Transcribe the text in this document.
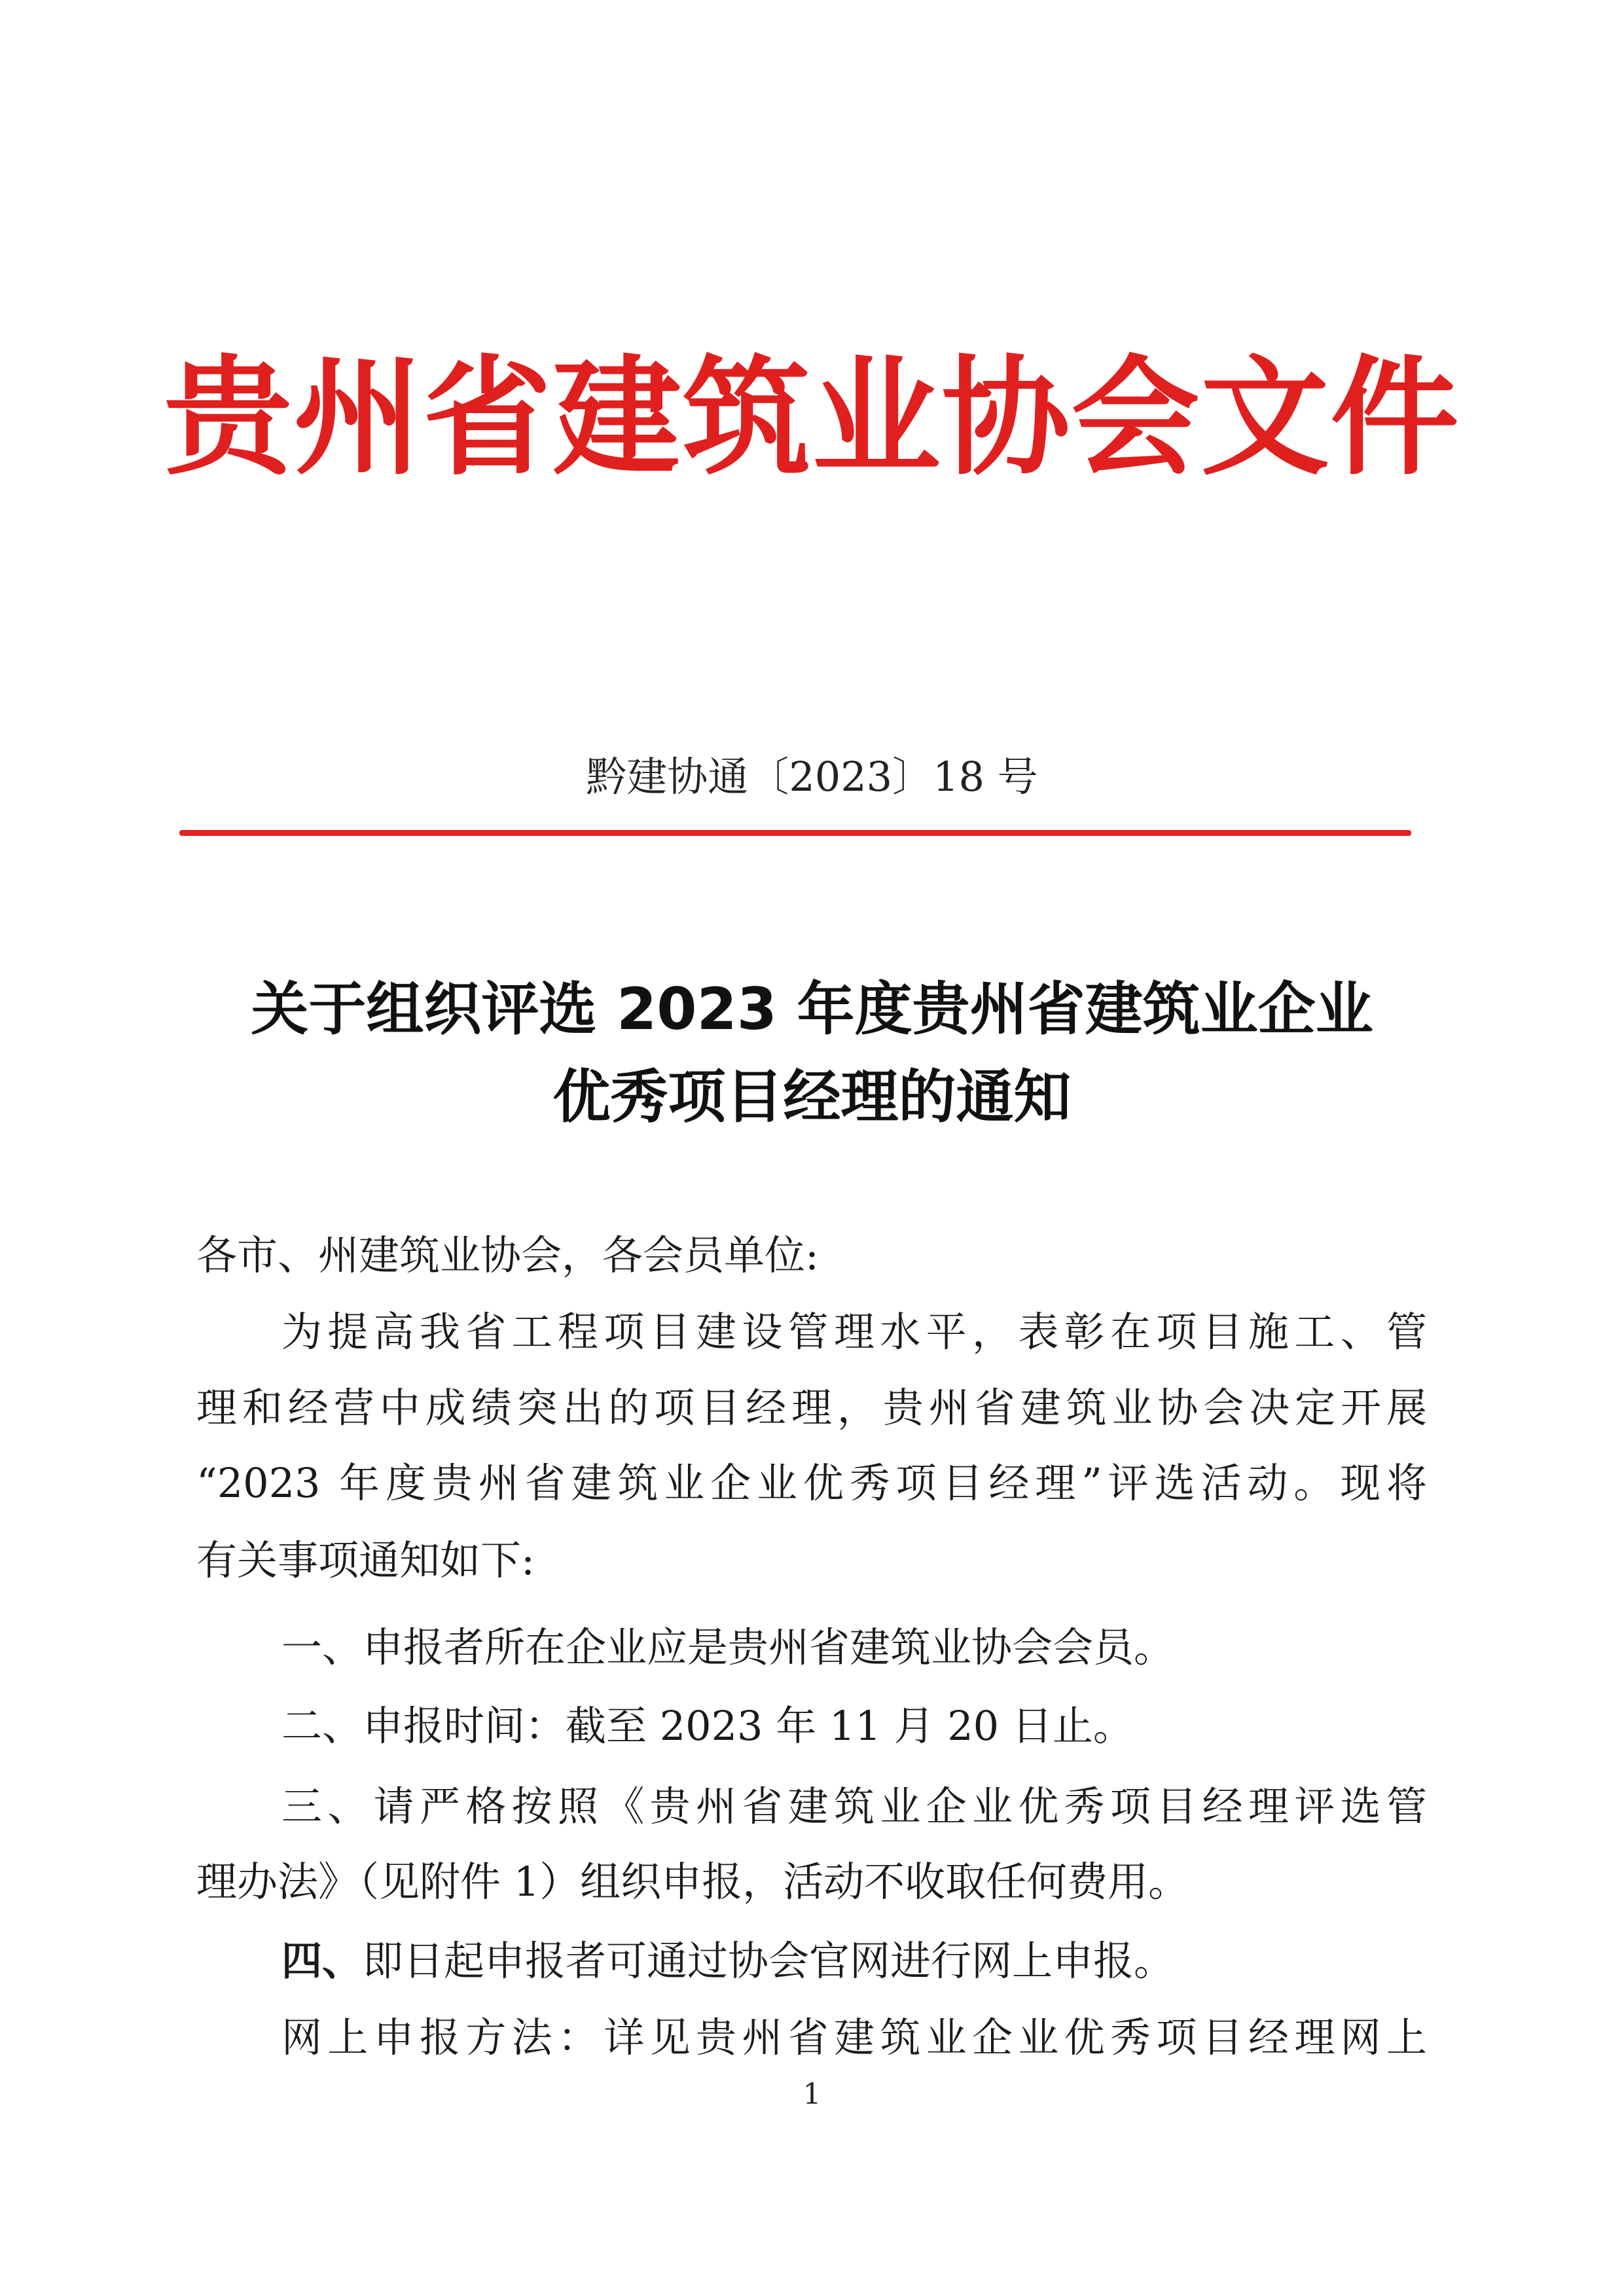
贵州省建筑业协会文件
黔建协通〔2023〕18 号
关于组织评选 2023 年度贵州省建筑业企业
优秀项目经理的通知
各市、州建筑业协会，各会员单位:
为提高我省工程项目建设管理水平，表彰在项目施工、管
理和经营中成绩突出的项目经理，贵州省建筑业协会决定开展
“2023 年度贵州省建筑业企业优秀项目经理”评选活动。现将
有关事项通知如下:
一、申报者所在企业应是贵州省建筑业协会会员。
二、申报时间：截至 2023 年 11 月 20 日止。
三、请严格按照《贵州省建筑业企业优秀项目经理评选管
理办法》（见附件 1）组织申报，活动不收取任何费用。
四、即日起申报者可通过协会官网进行网上申报。
网上申报方法：详见贵州省建筑业企业优秀项目经理网上
1
